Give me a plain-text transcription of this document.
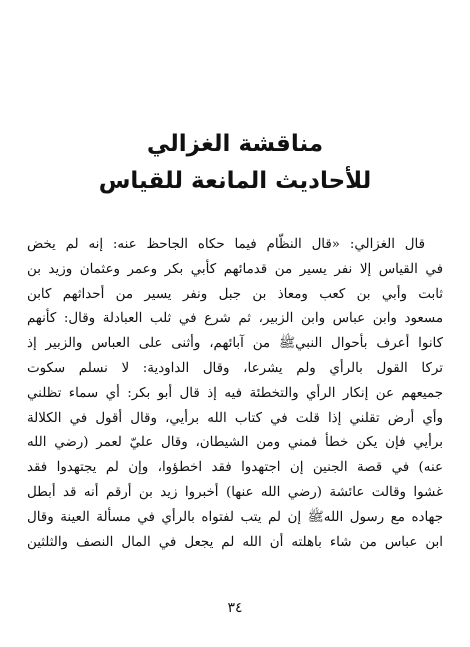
مناقشة الغزالي
للأحاديث المانعة للقياس
قال الغزالي: «قال النظّام فيما حكاه الجاحظ عنه: إنه لم يخض
في القياس إلا نفر يسير من قدمائهم كأبي بكر وعمر وعثمان وزيد بن
ثابت وأبي بن كعب ومعاذ بن جبل ونفر يسير من أحداثهم كابن
مسعود وابن عباس وابن الزبير، ثم شرع في ثلب العبادلة وقال: كأنهم
كانوا أعرف بأحوال النبيﷺ من آبائهم، وأثنى على العباس والزبير إذ
تركا القول بالرأي ولم يشرعا، وقال الداودية: لا نسلم سكوت
جميعهم عن إنكار الرأي والتخطئة فيه إذ قال أبو بكر: أي سماء تظلني
وأي أرض تقلني إذا قلت في كتاب الله برأيي، وقال أقول في الكلالة
برأيي فإن يكن خطأ فمني ومن الشيطان، وقال عليّ لعمر (رضي الله
عنه) في قصة الجنين إن اجتهدوا فقد اخطؤوا، وإن لم يجتهدوا فقد
غشوا وقالت عائشة (رضي الله عنها) أخبروا زيد بن أرقم أنه قد أبطل
جهاده مع رسول اللهﷺ إن لم يتب لفتواه بالرأي في مسألة العينة وقال
ابن عباس من شاء باهلته أن الله لم يجعل في المال النصف والثلثين
٣٤
